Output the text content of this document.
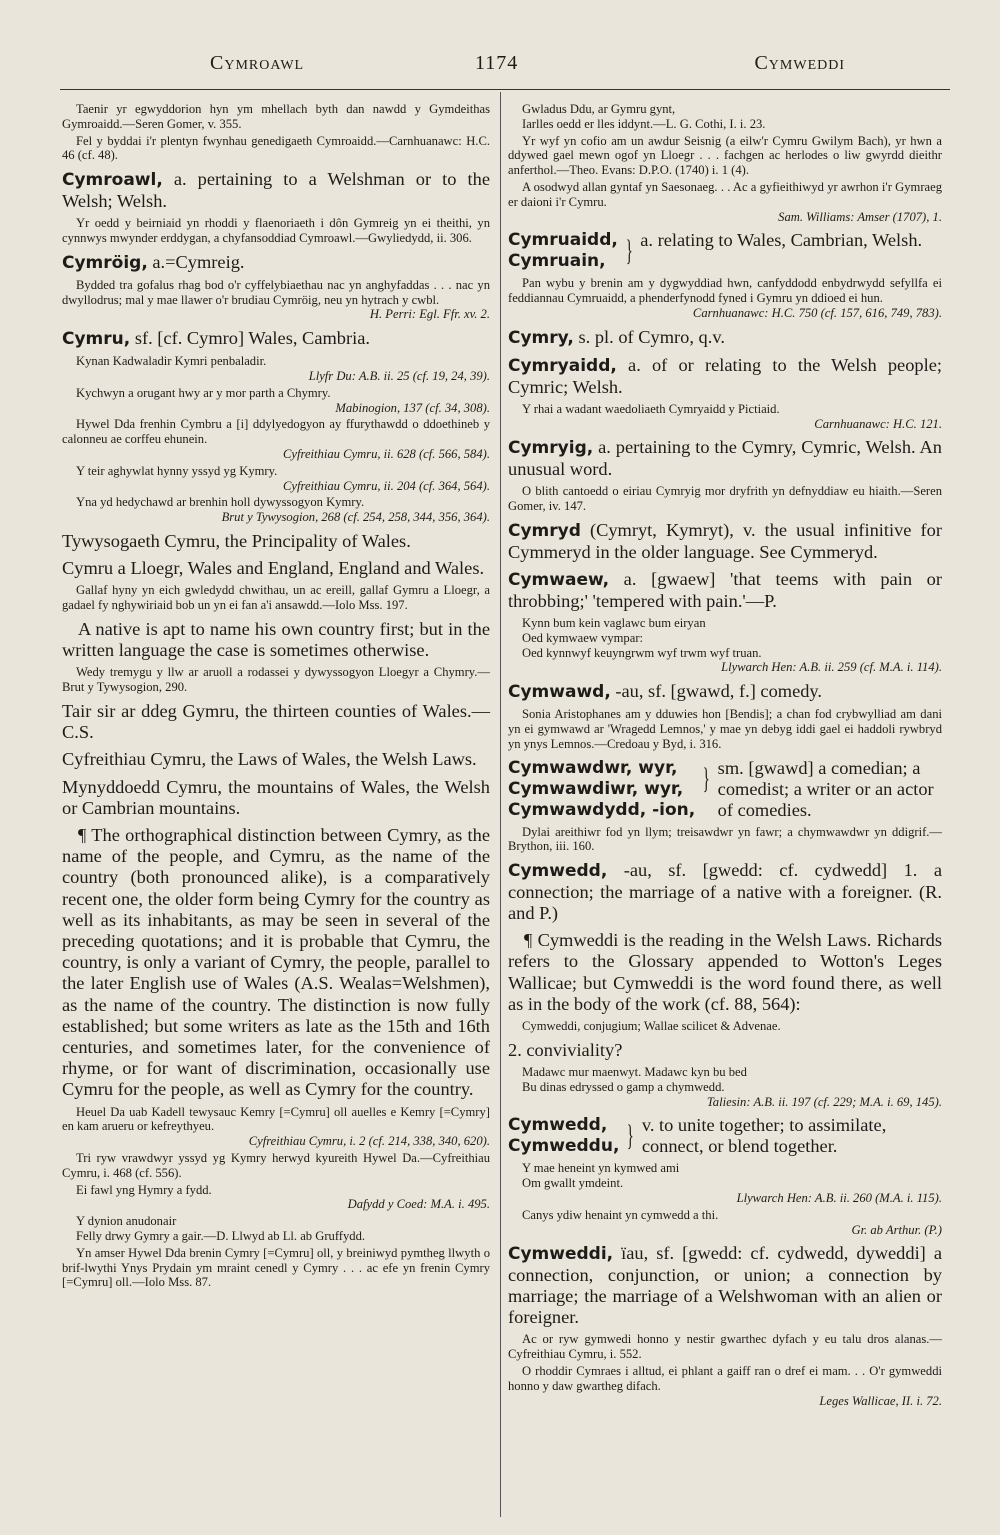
Cymroawl	1174	Cymweddi

Taenir yr egwyddorion hyn ym mhellach byth dan nawdd y Gymdeithas Gymroaidd.—Seren Gomer, v. 355.

Fel y byddai i'r plentyn fwynhau genedigaeth Cymroaidd.—Carnhuanawc: H.C. 46 (cf. 48).

Cymroawl, a. pertaining to a Welshman or to the Welsh; Welsh.

Yr oedd y beirniaid yn rhoddi y flaenoriaeth i dôn Gymreig yn ei theithi, yn cynnwys mwynder erddygan, a chyfansoddiad Cymroawl.—Gwyliedydd, ii. 306.

Cymröig, a.=Cymreig.

Bydded tra gofalus rhag bod o'r cyffelybiaethau nac yn anghyfaddas . . . nac yn dwyllodrus; mal y mae llawer o'r brudiau Cymröig, neu yn hytrach y cwbl.
H. Perri: Egl. Ffr. xv. 2.

Cymru, sf. [cf. Cymro] Wales, Cambria.

Kynan Kadwaladir Kymri penbaladir.
Llyfr Du: A.B. ii. 25 (cf. 19, 24, 39).

Kychwyn a orugant hwy ar y mor parth a Chymry.
Mabinogion, 137 (cf. 34, 308).

Hywel Dda frenhin Cymbru a [i] ddylyedogyon ay ffurythawdd o ddoethineb y calonneu ae corffeu ehunein.
Cyfreithiau Cymru, ii. 628 (cf. 566, 584).

Y teir aghywlat hynny yssyd yg Kymry.
Cyfreithiau Cymru, ii. 204 (cf. 364, 564).

Yna yd hedychawd ar brenhin holl dywyssogyon Kymry.
Brut y Tywysogion, 268 (cf. 254, 258, 344, 356, 364).

Tywysogaeth Cymru, the Principality of Wales.

Cymru a Lloegr, Wales and England, England and Wales.

Gallaf hyny yn eich gwledydd chwithau, un ac ereill, gallaf Gymru a Lloegr, a gadael fy nghywiriaid bob un yn ei fan a'i ansawdd.—Iolo Mss. 197.

A native is apt to name his own country first; but in the written language the case is sometimes otherwise.

Wedy tremygu y llw ar aruoll a rodassei y dywyssogyon Lloegyr a Chymry.—Brut y Tywysogion, 290.

Tair sir ar ddeg Gymru, the thirteen counties of Wales.—C.S.

Cyfreithiau Cymru, the Laws of Wales, the Welsh Laws.

Mynyddoedd Cymru, the mountains of Wales, the Welsh or Cambrian mountains.

¶ The orthographical distinction between Cymry, as the name of the people, and Cymru, as the name of the country (both pronounced alike), is a comparatively recent one, the older form being Cymry for the country as well as its inhabitants, as may be seen in several of the preceding quotations; and it is probable that Cymru, the country, is only a variant of Cymry, the people, parallel to the later English use of Wales (A.S. Wealas=Welshmen), as the name of the country. The distinction is now fully established; but some writers as late as the 15th and 16th centuries, and sometimes later, for the convenience of rhyme, or for want of discrimination, occasionally use Cymru for the people, as well as Cymry for the country.

Heuel Da uab Kadell tewysauc Kemry [=Cymru] oll auelles e Kemry [=Cymry] en kam arueru or kefreythyeu.
Cyfreithiau Cymru, i. 2 (cf. 214, 338, 340, 620).

Tri ryw vrawdwyr yssyd yg Kymry herwyd kyureith Hywel Da.—Cyfreithiau Cymru, i. 468 (cf. 556).

Ei fawl yng Hymry a fydd.
Dafydd y Coed: M.A. i. 495.

Y dynion anudonair
Felly drwy Gymry a gair.—D. Llwyd ab Ll. ab Gruffydd.

Yn amser Hywel Dda brenin Cymry [=Cymru] oll, y breiniwyd pymtheg llwyth o brif-lwythi Ynys Prydain ym mraint cenedl y Cymry . . . ac efe yn frenin Cymry [=Cymru] oll.—Iolo Mss. 87.

Gwladus Ddu, ar Gymru gynt,
Iarlles oedd er lles iddynt.—L. G. Cothi, I. i. 23.

Yr wyf yn cofio am un awdur Seisnig (a eilw'r Cymru Gwilym Bach), yr hwn a ddywed gael mewn ogof yn Lloegr . . . fachgen ac herlodes o liw gwyrdd dieithr anferthol.—Theo. Evans: D.P.O. (1740) i. 1 (4).

A osodwyd allan gyntaf yn Saesonaeg. . . Ac a gyfieithiwyd yr awrhon i'r Gymraeg er daioni i'r Cymru.
Sam. Williams: Amser (1707), 1.

Cymruaidd,
Cymruain, } a. relating to Wales, Cambrian, Welsh.

Pan wybu y brenin am y dygwyddiad hwn, canfyddodd enbydrwydd sefyllfa ei feddiannau Cymruaidd, a phenderfynodd fyned i Gymru yn ddioed ei hun.
Carnhuanawc: H.C. 750 (cf. 157, 616, 749, 783).

Cymry, s. pl. of Cymro, q.v.

Cymryaidd, a. of or relating to the Welsh people; Cymric; Welsh.

Y rhai a wadant waedoliaeth Cymryaidd y Pictiaid.
Carnhuanawc: H.C. 121.

Cymryig, a. pertaining to the Cymry, Cymric, Welsh. An unusual word.

O blith cantoedd o eiriau Cymryig mor dryfrith yn defnyddiaw eu hiaith.—Seren Gomer, iv. 147.

Cymryd (Cymryt, Kymryt), v. the usual infinitive for Cymmeryd in the older language. See Cymmeryd.

Cymwaew, a. [gwaew] 'that teems with pain or throbbing;' 'tempered with pain.'—P.

Kynn bum kein vaglawc bum eiryan
Oed kymwaew vympar:
Oed kynnwyf keuyngrwm wyf trwm wyf truan.
Llywarch Hen: A.B. ii. 259 (cf. M.A. i. 114).

Cymwawd, -au, sf. [gwawd, f.] comedy.

Sonia Aristophanes am y dduwies hon [Bendis]; a chan fod crybwylliad am dani yn ei gymwawd ar 'Wragedd Lemnos,' y mae yn debyg iddi gael ei haddoli rywbryd yn ynys Lemnos.—Credoau y Byd, i. 316.

Cymwawdwr, wyr,
Cymwawdiwr, wyr,
Cymwawdydd, -ion,
} sm. [gwawd] a comedian; a comedist; a writer or an actor of comedies.

Dylai areithiwr fod yn llym; treisawdwr yn fawr; a chymwawdwr yn ddigrif.—Brython, iii. 160.

Cymwedd, -au, sf. [gwedd: cf. cydwedd] 1. a connection; the marriage of a native with a foreigner. (R. and P.)

¶ Cymweddi is the reading in the Welsh Laws. Richards refers to the Glossary appended to Wotton's Leges Wallicae; but Cymweddi is the word found there, as well as in the body of the work (cf. 88, 564):

Cymweddi, conjugium; Wallae scilicet & Advenae.

2. conviviality?

Madawc mur maenwyt. Madawc kyn bu bed
Bu dinas edryssed o gamp a chymwedd.
Taliesin: A.B. ii. 197 (cf. 229; M.A. i. 69, 145).

Cymwedd,
Cymweddu, } v. to unite together; to assimilate, connect, or blend together.

Y mae heneint yn kymwed ami
Om gwallt ymdeint.
Llywarch Hen: A.B. ii. 260 (M.A. i. 115).

Canys ydiw henaint yn cymwedd a thi.
Gr. ab Arthur. (P.)

Cymweddi, ïau, sf. [gwedd: cf. cydwedd, dyweddi] a connection, conjunction, or union; a connection by marriage; the marriage of a Welshwoman with an alien or foreigner.

Ac or ryw gymwedi honno y nestir gwarthec dyfach y eu talu dros alanas.—Cyfreithiau Cymru, i. 552.

O rhoddir Cymraes i alltud, ei phlant a gaiff ran o dref ei mam. . . O'r gymweddi honno y daw gwartheg difach.
Leges Wallicae, II. i. 72.
